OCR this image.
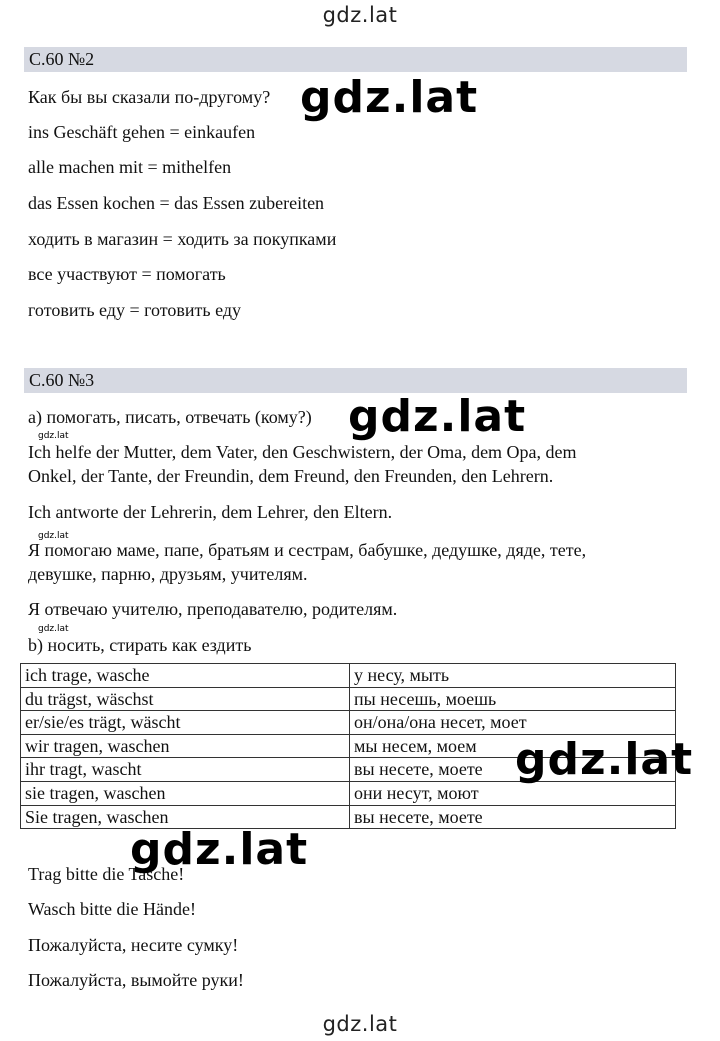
gdz.lat
С.60 №2
Как бы вы сказали по-другому?
ins Geschäft gehen = einkaufen
alle machen mit = mithelfen
das Essen kochen = das Essen zubereiten
ходить в магазин = ходить за покупками
все участвуют = помогать
готовить еду = готовить еду
С.60 №3
a) помогать, писать, отвечать (кому?)
Ich helfe der Mutter, dem Vater, den Geschwistern, der Oma, dem Opa, dem
Onkel, der Tante, der Freundin, dem Freund, den Freunden, den Lehrern.
Ich antworte der Lehrerin, dem Lehrer, den Eltern.
Я помогаю маме, папе, братьям и сестрам, бабушке, дедушке, дяде, тете,
девушке, парню, друзьям, учителям.
Я отвечаю учителю, преподавателю, родителям.
b) носить, стирать как ездить
ich trage, wasche	у несу, мыть
du trägst, wäschst	пы несешь, моешь
er/sie/es trägt, wäscht	он/она/она несет, моет
wir tragen, waschen	мы несем, моем
ihr tragt, wascht	вы несете, моете
sie tragen, waschen	они несут, моют
Sie tragen, waschen	вы несете, моете
Trag bitte die Tasche!
Wasch bitte die Hände!
Пожалуйста, несите сумку!
Пожалуйста, вымойте руки!
gdz.lat
gdz.lat
gdz.lat
gdz.lat
gdz.lat
gdz.lat
gdz.lat
gdz.lat
